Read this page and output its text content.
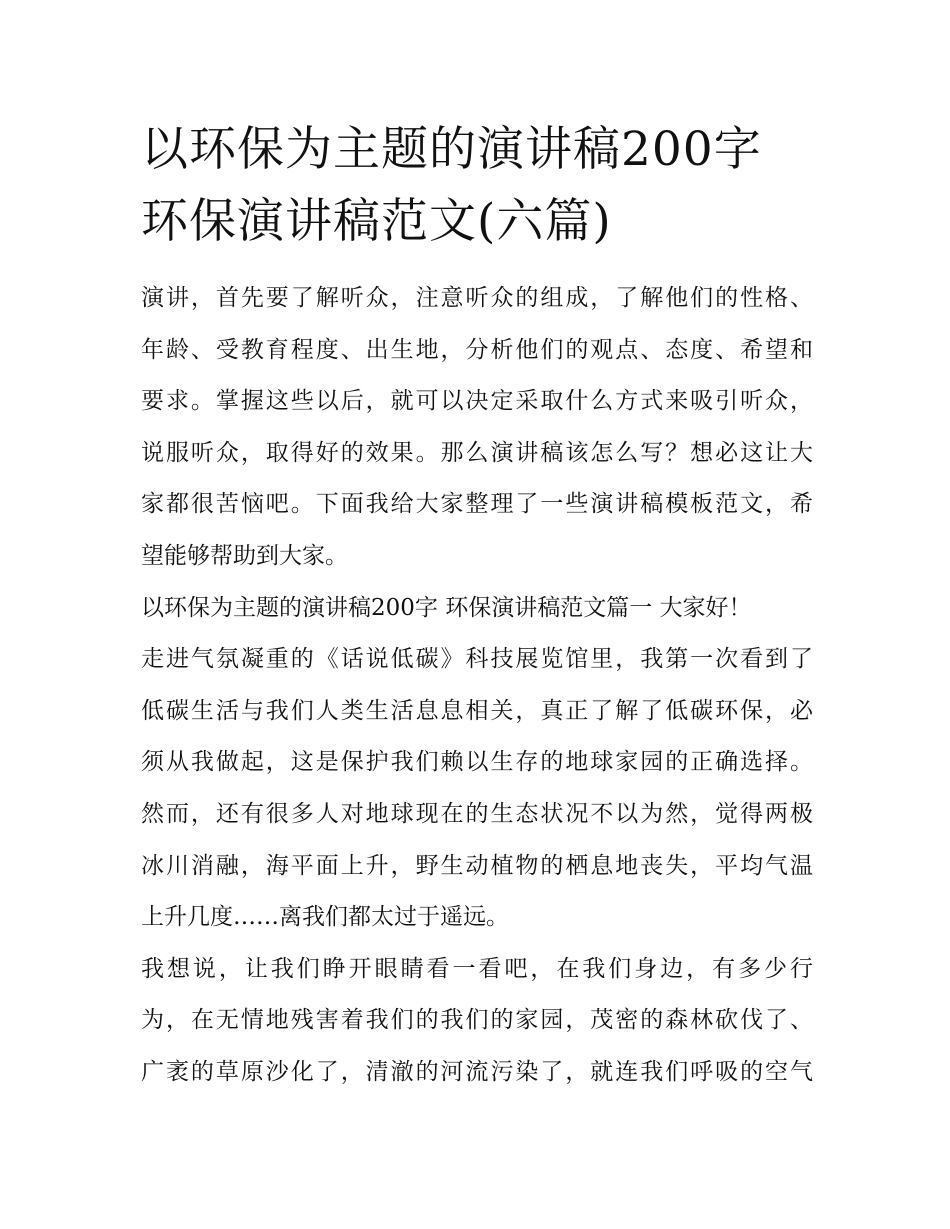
以环保为主题的演讲稿200字
环保演讲稿范文(六篇)

演讲，首先要了解听众，注意听众的组成，了解他们的性格、
年龄、受教育程度、出生地，分析他们的观点、态度、希望和
要求。掌握这些以后，就可以决定采取什么方式来吸引听众，
说服听众，取得好的效果。那么演讲稿该怎么写？想必这让大
家都很苦恼吧。下面我给大家整理了一些演讲稿模板范文，希
望能够帮助到大家。

以环保为主题的演讲稿200字 环保演讲稿范文篇一 大家好！

走进气氛凝重的《话说低碳》科技展览馆里，我第一次看到了
低碳生活与我们人类生活息息相关，真正了解了低碳环保，必
须从我做起，这是保护我们赖以生存的地球家园的正确选择。
然而，还有很多人对地球现在的生态状况不以为然，觉得两极
冰川消融，海平面上升，野生动植物的栖息地丧失，平均气温
上升几度……离我们都太过于遥远。

我想说，让我们睁开眼睛看一看吧，在我们身边，有多少行
为，在无情地残害着我们的我们的家园，茂密的森林砍伐了、
广袤的草原沙化了，清澈的河流污染了，就连我们呼吸的空气
